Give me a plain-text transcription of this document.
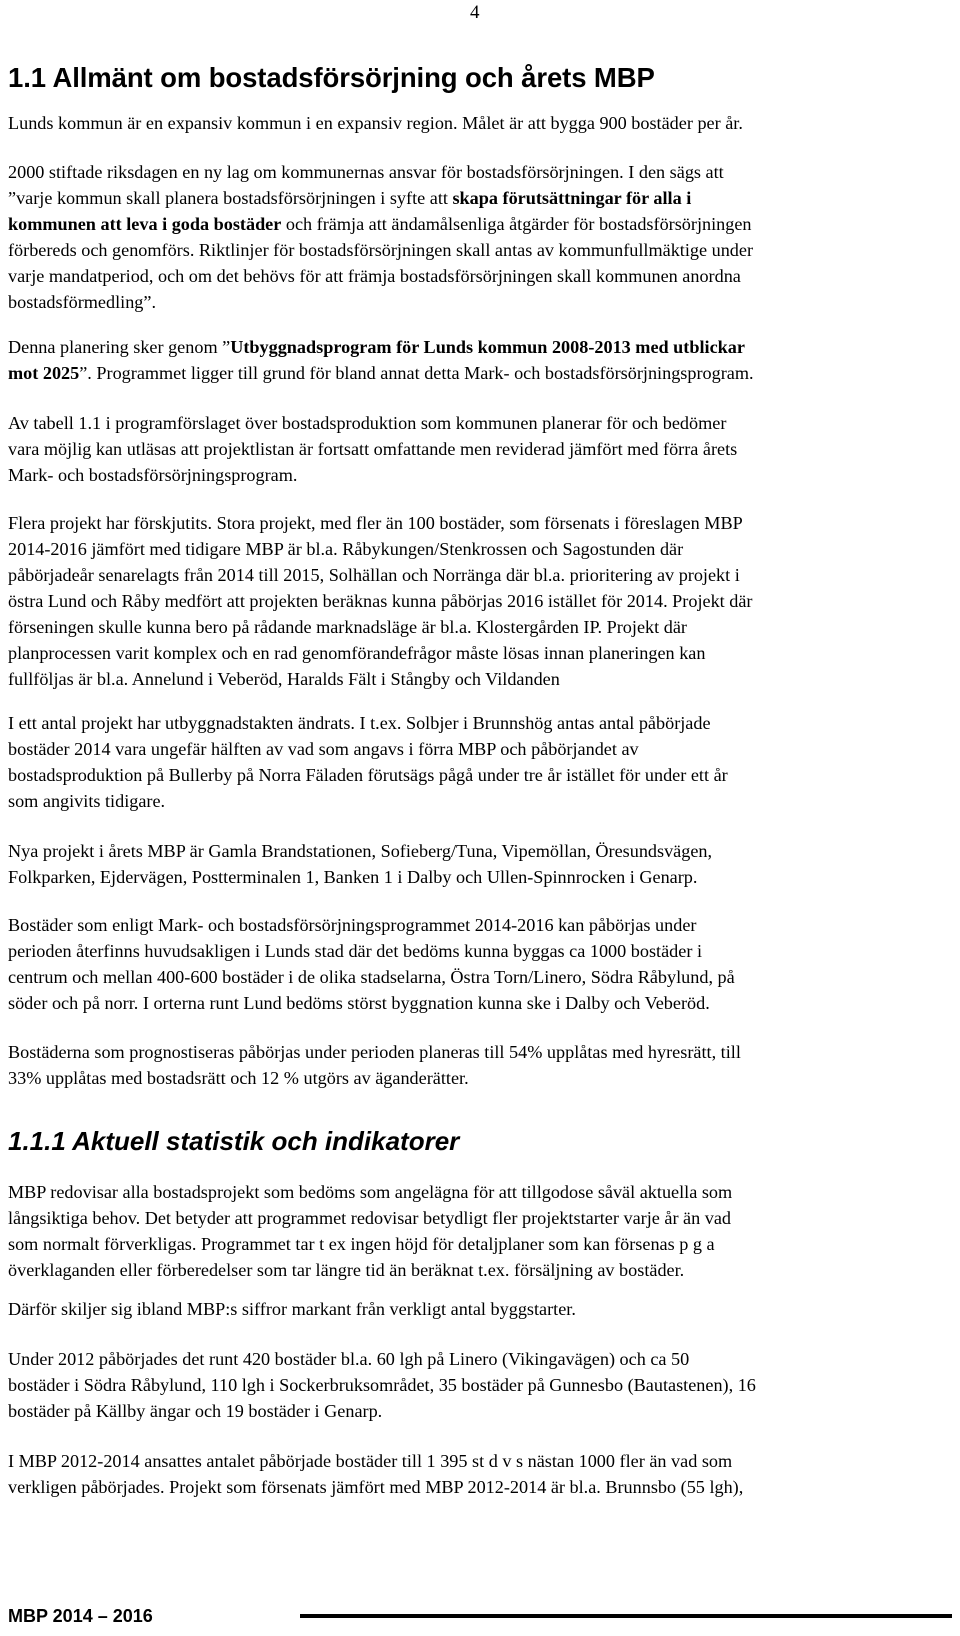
4
1.1 Allmänt om bostadsförsörjning och årets MBP
Lunds kommun är en expansiv kommun i en expansiv region. Målet är att bygga 900 bostäder per år.
2000 stiftade riksdagen en ny lag om kommunernas ansvar för bostadsförsörjningen. I den sägs att
”varje kommun skall planera bostadsförsörjningen i syfte att skapa förutsättningar för alla i
kommunen att leva i goda bostäder och främja att ändamålsenliga åtgärder för bostadsförsörjningen
förbereds och genomförs. Riktlinjer för bostadsförsörjningen skall antas av kommunfullmäktige under
varje mandatperiod, och om det behövs för att främja bostadsförsörjningen skall kommunen anordna
bostadsförmedling”.
Denna planering sker genom ”Utbyggnadsprogram för Lunds kommun 2008-2013 med utblickar
mot 2025”. Programmet ligger till grund för bland annat detta Mark- och bostadsförsörjningsprogram.
Av tabell 1.1 i programförslaget över bostadsproduktion som kommunen planerar för och bedömer
vara möjlig kan utläsas att projektlistan är fortsatt omfattande men reviderad jämfört med förra årets
Mark- och bostadsförsörjningsprogram.
Flera projekt har förskjutits. Stora projekt, med fler än 100 bostäder, som försenats i föreslagen MBP
2014-2016 jämfört med tidigare MBP är bl.a. Råbykungen/Stenkrossen och Sagostunden där
påbörjadeår senarelagts från 2014 till 2015, Solhällan och Norränga där bl.a. prioritering av projekt i
östra Lund och Råby medfört att projekten beräknas kunna påbörjas 2016 istället för 2014. Projekt där
förseningen skulle kunna bero på rådande marknadsläge är bl.a. Klostergården IP. Projekt där
planprocessen varit komplex och en rad genomförandefrågor måste lösas innan planeringen kan
fullföljas är bl.a. Annelund i Veberöd, Haralds Fält i Stångby och Vildanden
I ett antal projekt har utbyggnadstakten ändrats. I t.ex. Solbjer i Brunnshög antas antal påbörjade
bostäder 2014 vara ungefär hälften av vad som angavs i förra MBP och påbörjandet av
bostadsproduktion på Bullerby på Norra Fäladen förutsägs pågå under tre år istället för under ett år
som angivits tidigare.
Nya projekt i årets MBP är Gamla Brandstationen, Sofieberg/Tuna, Vipemöllan, Öresundsvägen,
Folkparken, Ejdervägen, Postterminalen 1, Banken 1 i Dalby och Ullen-Spinnrocken i Genarp.
Bostäder som enligt Mark- och bostadsförsörjningsprogrammet 2014-2016 kan påbörjas under
perioden återfinns huvudsakligen i Lunds stad där det bedöms kunna byggas ca 1000 bostäder i
centrum och mellan 400-600 bostäder i de olika stadselarna, Östra Torn/Linero, Södra Råbylund, på
söder och på norr. I orterna runt Lund bedöms störst byggnation kunna ske i Dalby och Veberöd.
Bostäderna som prognostiseras påbörjas under perioden planeras till 54% upplåtas med hyresrätt, till
33% upplåtas med bostadsrätt och 12 % utgörs av äganderätter.
1.1.1 Aktuell statistik och indikatorer
MBP redovisar alla bostadsprojekt som bedöms som angelägna för att tillgodose såväl aktuella som
långsiktiga behov. Det betyder att programmet redovisar betydligt fler projektstarter varje år än vad
som normalt förverkligas. Programmet tar t ex ingen höjd för detaljplaner som kan försenas p g a
överklaganden eller förberedelser som tar längre tid än beräknat t.ex. försäljning av bostäder.
Därför skiljer sig ibland MBP:s siffror markant från verkligt antal byggstarter.
Under 2012 påbörjades det runt 420 bostäder bl.a. 60 lgh på Linero (Vikingavägen) och ca 50
bostäder i Södra Råbylund, 110 lgh i Sockerbruksområdet, 35 bostäder på Gunnesbo (Bautastenen), 16
bostäder på Källby ängar och 19 bostäder i Genarp.
I MBP 2012-2014 ansattes antalet påbörjade bostäder till 1 395 st d v s nästan 1000 fler än vad som
verkligen påbörjades. Projekt som försenats jämfört med MBP 2012-2014 är bl.a. Brunnsbo (55 lgh),
MBP 2014 – 2016
